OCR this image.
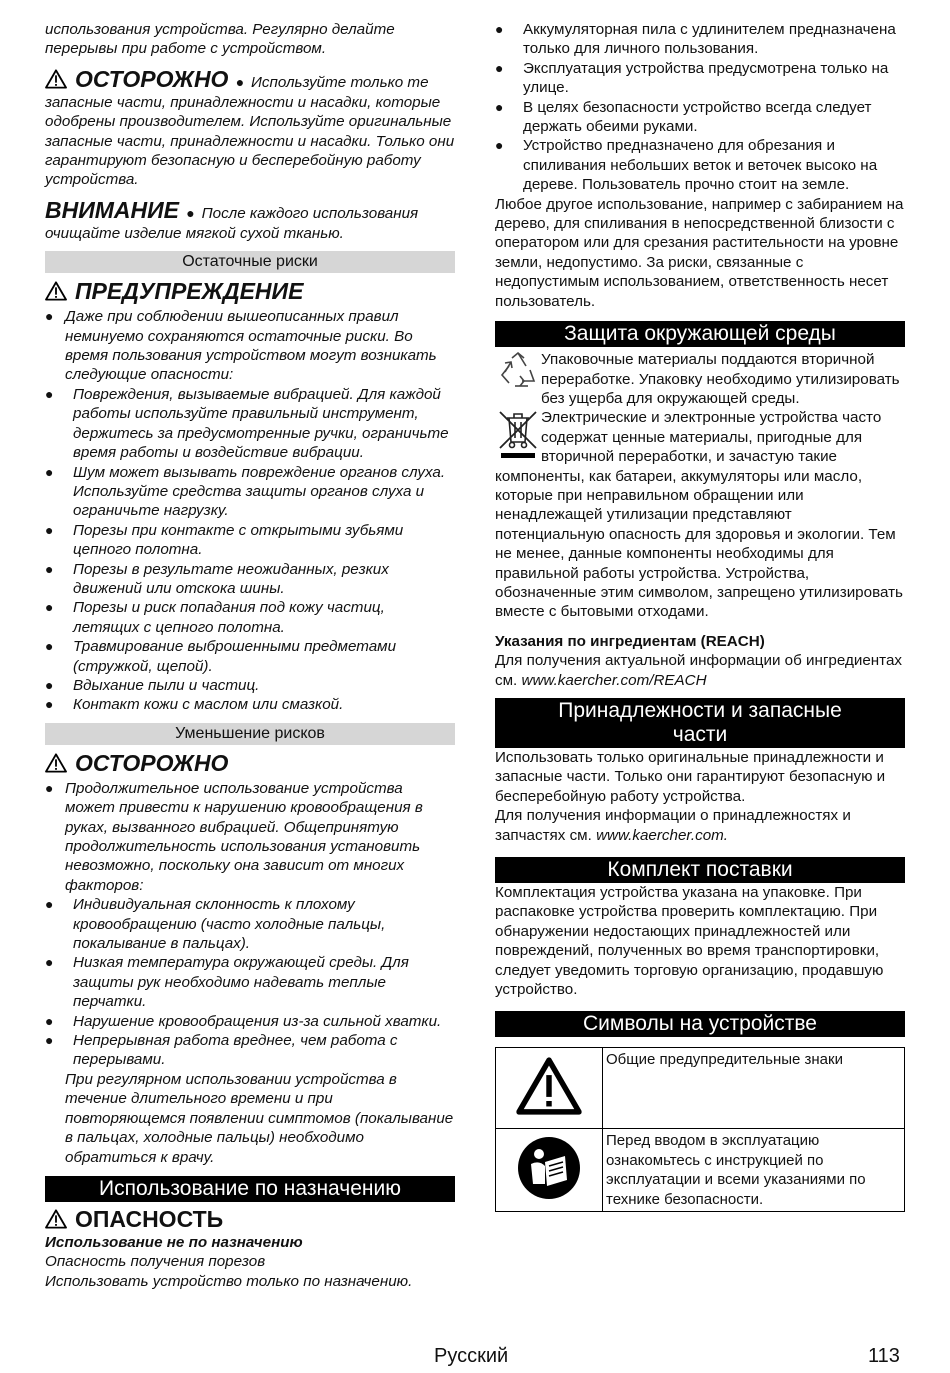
использования устройства. Регулярно делайте перерывы при работе с устройством.

ОСТОРОЖНО ● Используйте только те запасные части, принадлежности и насадки, которые одобрены производителем. Используйте оригинальные запасные части, принадлежности и насадки. Только они гарантируют безопасную и бесперебойную работу устройства.

ВНИМАНИЕ ● После каждого использования очищайте изделие мягкой сухой тканью.

Остаточные риски
ПРЕДУПРЕЖДЕНИЕ
● Даже при соблюдении вышеописанных правил неминуемо сохраняются остаточные риски. Во время пользования устройством могут возникать следующие опасности:
● Повреждения, вызываемые вибрацией. Для каждой работы используйте правильный инструмент, держитесь за предусмотренные ручки, ограничьте время работы и воздействие вибрации.
● Шум может вызывать повреждение органов слуха. Используйте средства защиты органов слуха и ограничьте нагрузку.
● Порезы при контакте с открытыми зубьями цепного полотна.
● Порезы в результате неожиданных, резких движений или отскока шины.
● Порезы и риск попадания под кожу частиц, летящих с цепного полотна.
● Травмирование выброшенными предметами (стружкой, щепой).
● Вдыхание пыли и частиц.
● Контакт кожи с маслом или смазкой.
Уменьшение рисков
ОСТОРОЖНО
● Продолжительное использование устройства может привести к нарушению кровообращения в руках, вызванного вибрацией. Общепринятую продолжительность использования установить невозможно, поскольку она зависит от многих факторов:
● Индивидуальная склонность к плохому кровообращению (часто холодные пальцы, покалывание в пальцах).
● Низкая температура окружающей среды. Для защиты рук необходимо надевать теплые перчатки.
● Нарушение кровообращения из-за сильной хватки.
● Непрерывная работа вреднее, чем работа с перерывами.

При регулярном использовании устройства в течение длительного времени и при повторяющемся появлении симптомов (покалывание в пальцах, холодные пальцы) необходимо обратиться к врачу.

Использование по назначению
ОПАСНОСТЬ

Использование не по назначению

Опасность получения порезов

Использовать устройство только по назначению.

● Аккумуляторная пила с удлинителем предназначена только для личного пользования.
● Эксплуатация устройства предусмотрена только на улице.
● В целях безопасности устройство всегда следует держать обеими руками.
● Устройство предназначено для обрезания и спиливания небольших веток и веточек высоко на дереве. Пользователь прочно стоит на земле.

Любое другое использование, например с забиранием на дерево, для спиливания в непосредственной близости с оператором или для срезания растительности на уровне земли, недопустимо. За риски, связанные с недопустимым использованием, ответственность несет пользователь.

Защита окружающей среды

Упаковочные материалы поддаются вторичной переработке. Упаковку необходимо утилизировать без ущерба для окружающей среды.

Электрические и электронные устройства часто содержат ценные материалы, пригодные для вторичной переработки, и зачастую такие компоненты, как батареи, аккумуляторы или масло, которые при неправильном обращении или ненадлежащей утилизации представляют потенциальную опасность для здоровья и экологии. Тем не менее, данные компоненты необходимы для правильной работы устройства. Устройства, обозначенные этим символом, запрещено утилизировать вместе с бытовыми отходами.

Указания по ингредиентам (REACH)

Для получения актуальной информации об ингредиентах см. www.kaercher.com/REACH

Принадлежности и запасные
части

Использовать только оригинальные принадлежности и запасные части. Только они гарантируют безопасную и бесперебойную работу устройства.

Для получения информации о принадлежностях и запчастях см. www.kaercher.com.

Комплект поставки

Комплектация устройства указана на упаковке. При распаковке устройства проверить комплектацию. При обнаружении недостающих принадлежностей или повреждений, полученных во время транспортировки, следует уведомить торговую организацию, продавшую устройство.

Символы на устройстве
	Общие предупредительные знаки
	Перед вводом в эксплуатацию ознакомьтесь с инструкцией по эксплуатации и всеми указаниями по технике безопасности.
Русский	113
